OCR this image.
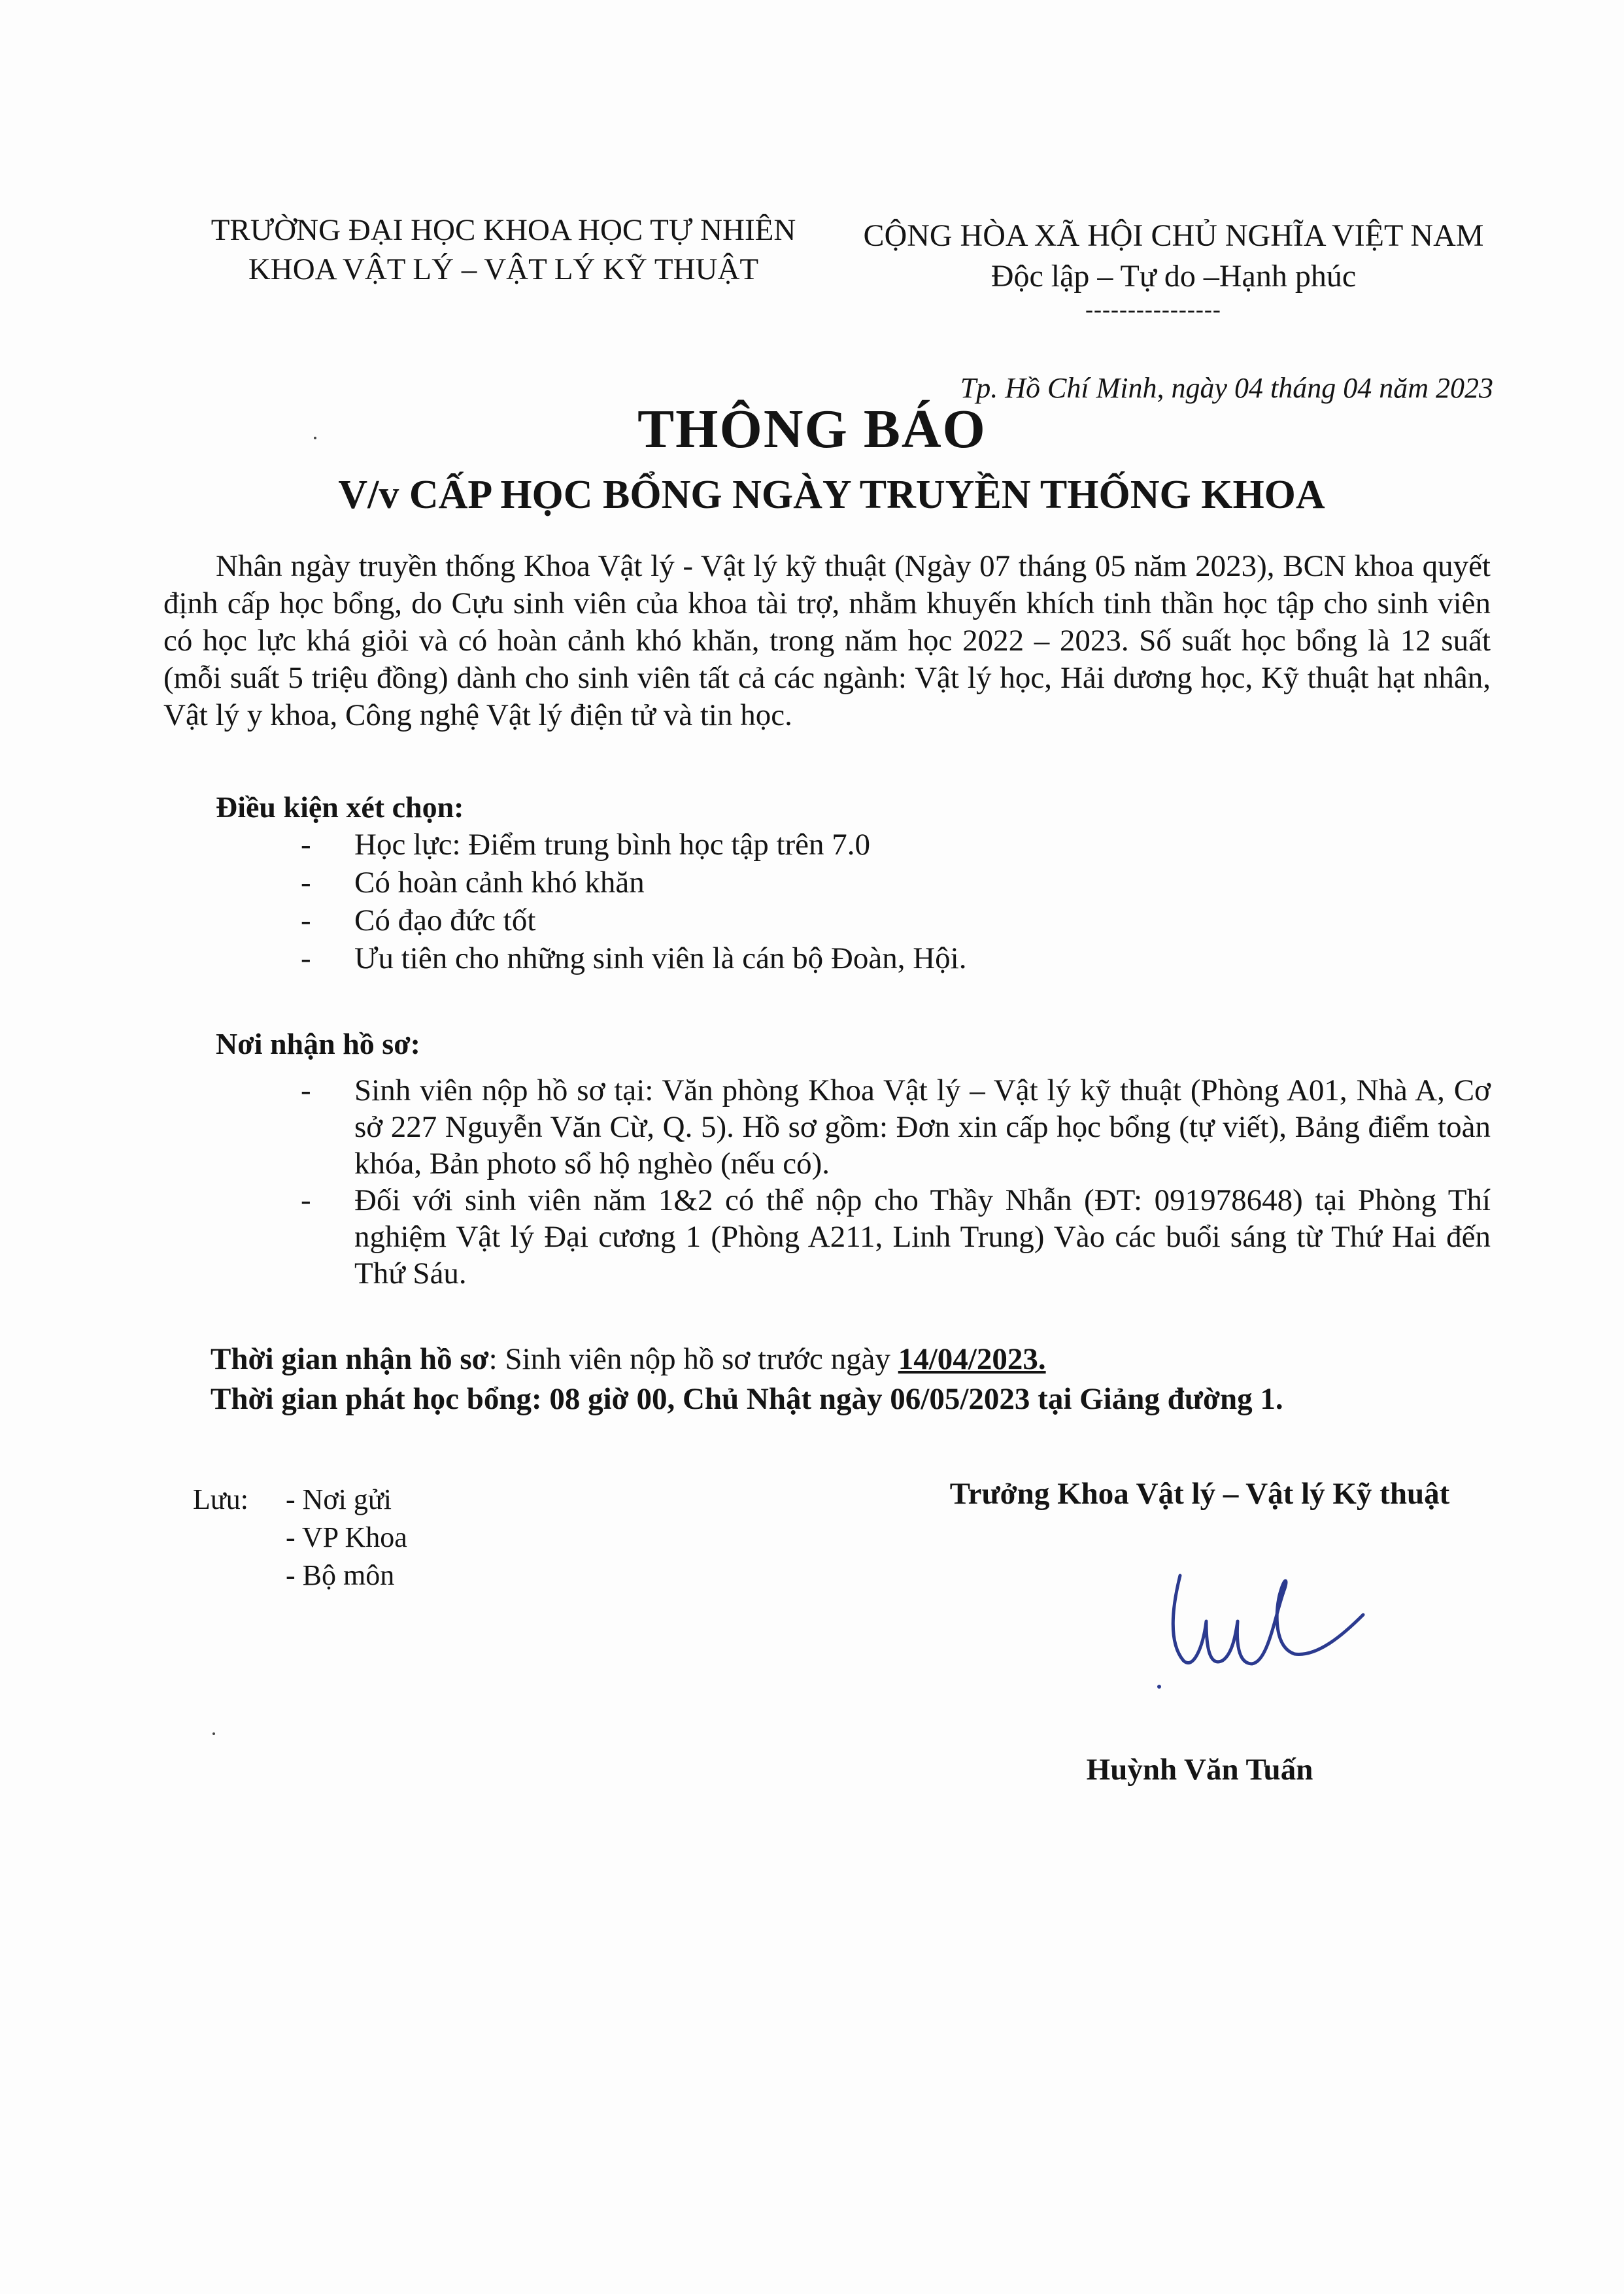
TRƯỜNG ĐẠI HỌC KHOA HỌC TỰ NHIÊN
KHOA VẬT LÝ – VẬT LÝ KỸ THUẬT
CỘNG HÒA XÃ HỘI CHỦ NGHĨA VIỆT NAM
Độc lập – Tự do –Hạnh phúc
----------------
Tp. Hồ Chí Minh, ngày 04 tháng 04 năm 2023
THÔNG BÁO
V/v CẤP HỌC BỔNG NGÀY TRUYỀN THỐNG KHOA

Nhân ngày truyền thống Khoa Vật lý - Vật lý kỹ thuật (Ngày 07 tháng 05 năm 2023), BCN khoa quyết định cấp học bổng, do Cựu sinh viên của khoa tài trợ, nhằm khuyến khích tinh thần học tập cho sinh viên có học lực khá giỏi và có hoàn cảnh khó khăn, trong năm học 2022 – 2023. Số suất học bổng là 12 suất (mỗi suất 5 triệu đồng) dành cho sinh viên tất cả các ngành: Vật lý học, Hải dương học, Kỹ thuật hạt nhân, Vật lý y khoa, Công nghệ Vật lý điện tử và tin học.

Điều kiện xét chọn:
- Học lực: Điểm trung bình học tập trên 7.0
- Có hoàn cảnh khó khăn
- Có đạo đức tốt
- Ưu tiên cho những sinh viên là cán bộ Đoàn, Hội.
Nơi nhận hồ sơ:
- Sinh viên nộp hồ sơ tại: Văn phòng Khoa Vật lý – Vật lý kỹ thuật (Phòng A01, Nhà A, Cơ sở 227 Nguyễn Văn Cừ, Q. 5). Hồ sơ gồm: Đơn xin cấp học bổng (tự viết), Bảng điểm toàn khóa, Bản photo sổ hộ nghèo (nếu có).
- Đối với sinh viên năm 1&2 có thể nộp cho Thầy Nhẫn (ĐT: 091978648) tại Phòng Thí nghiệm Vật lý Đại cương 1 (Phòng A211, Linh Trung) Vào các buổi sáng từ Thứ Hai đến Thứ Sáu.
Thời gian nhận hồ sơ: Sinh viên nộp hồ sơ trước ngày 14/04/2023.
Thời gian phát học bổng: 08 giờ 00, Chủ Nhật ngày 06/05/2023 tại Giảng đường 1.
Lưu: - Nơi gửi
- VP Khoa
- Bộ môn
Trưởng Khoa Vật lý – Vật lý Kỹ thuật
Huỳnh Văn Tuấn
